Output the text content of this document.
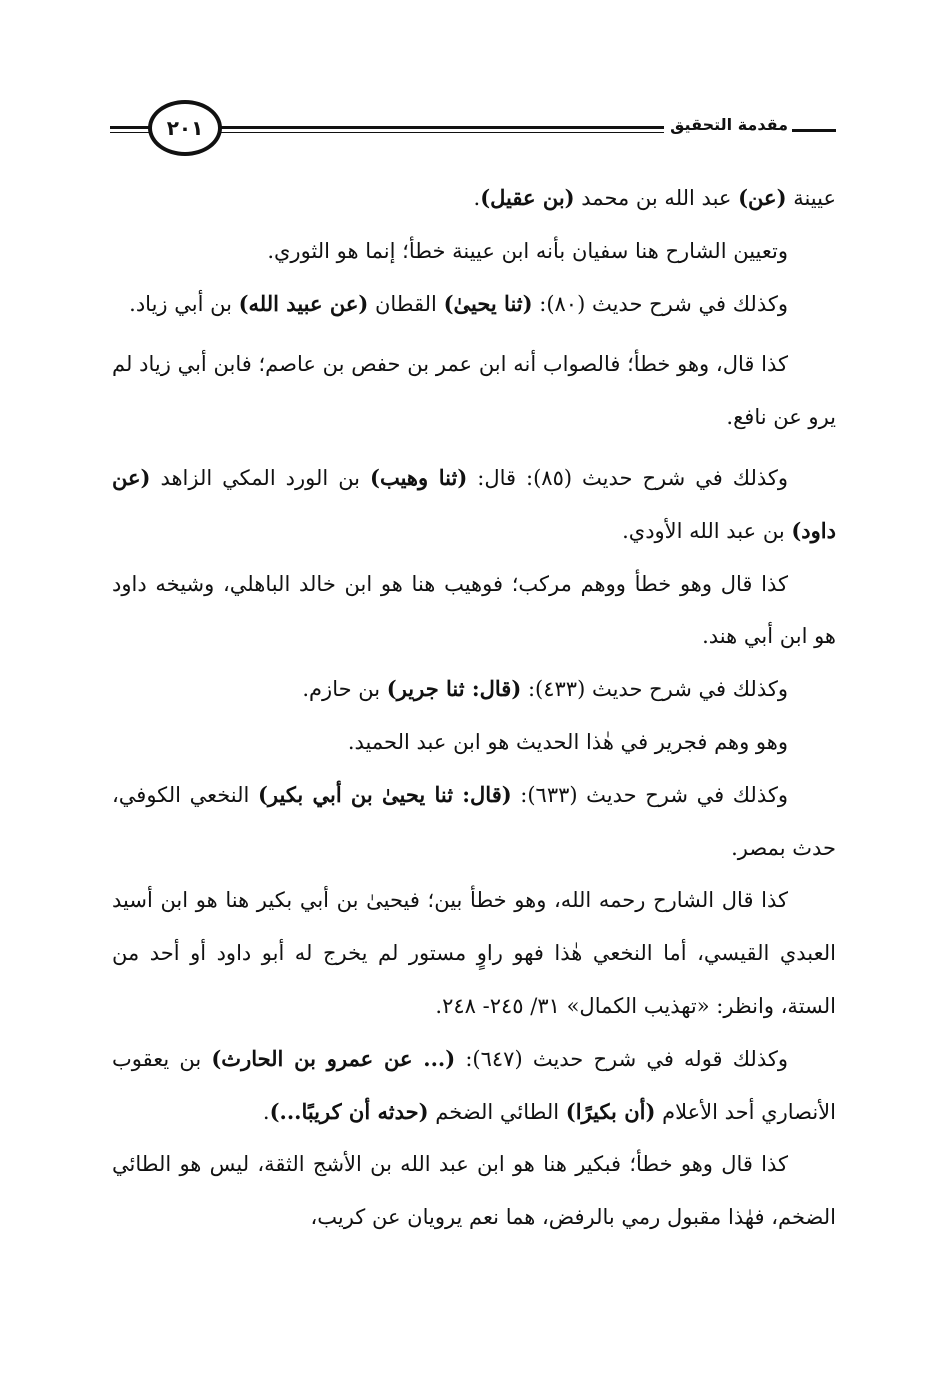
مقدمة التحقيق
٢٠١

عيينة (عن) عبد الله بن محمد (بن عقيل).

وتعيين الشارح هنا سفيان بأنه ابن عيينة خطأ؛ إنما هو الثوري.

وكذلك في شرح حديث (٨٠): (ثنا يحيىٰ) القطان (عن عبيد الله) بن أبي زياد.

كذا قال، وهو خطأ؛ فالصواب أنه ابن عمر بن حفص بن عاصم؛ فابن أبي زياد لم يرو عن نافع.

وكذلك في شرح حديث (٨٥): قال: (ثنا وهيب) بن الورد المكي الزاهد (عن داود) بن عبد الله الأودي.

كذا قال وهو خطأ ووهم مركب؛ فوهيب هنا هو ابن خالد الباهلي، وشيخه داود هو ابن أبي هند.

وكذلك في شرح حديث (٤٣٣): (قال: ثنا جرير) بن حازم.

وهو وهم فجرير في هٰذا الحديث هو ابن عبد الحميد.

وكذلك في شرح حديث (٦٣٣): (قال: ثنا يحيىٰ بن أبي بكير) النخعي الكوفي، حدث بمصر.

كذا قال الشارح رحمه الله، وهو خطأ بين؛ فيحيىٰ بن أبي بكير هنا هو ابن أسيد العبدي القيسي، أما النخعي هٰذا فهو راوٍ مستور لم يخرج له أبو داود أو أحد من الستة، وانظر: «تهذيب الكمال» ٣١/ ٢٤٥- ٢٤٨.

وكذلك قوله في شرح حديث (٦٤٧): (... عن عمرو بن الحارث) بن يعقوب الأنصاري أحد الأعلام (أن بكيرًا) الطائي الضخم (حدثه أن كريبًا...).

كذا قال وهو خطأ؛ فبكير هنا هو ابن عبد الله بن الأشج الثقة، ليس هو الطائي الضخم، فهٰذا مقبول رمي بالرفض، هما نعم يرويان عن كريب،
